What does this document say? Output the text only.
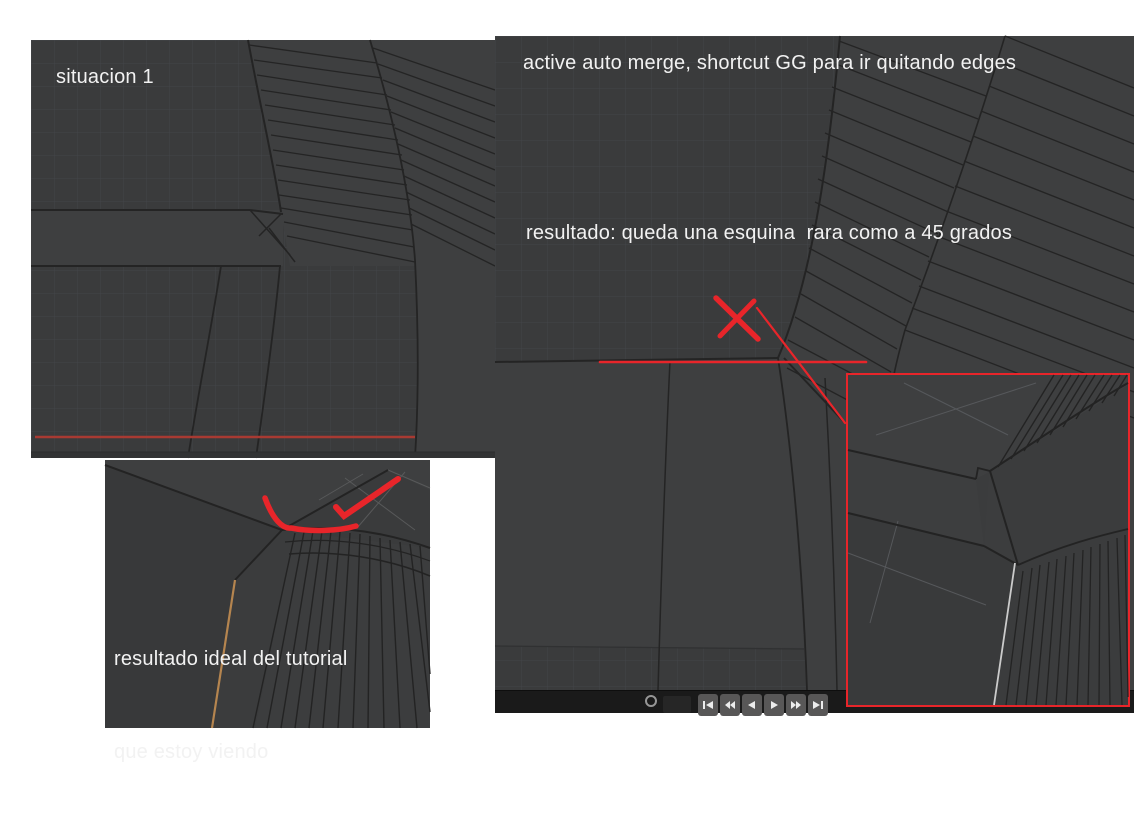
situacion 1
active auto merge, shortcut GG para ir quitando edges
resultado: queda una esquina  rara como a 45 grados

resultado ideal del tutorial

que estoy viendo
